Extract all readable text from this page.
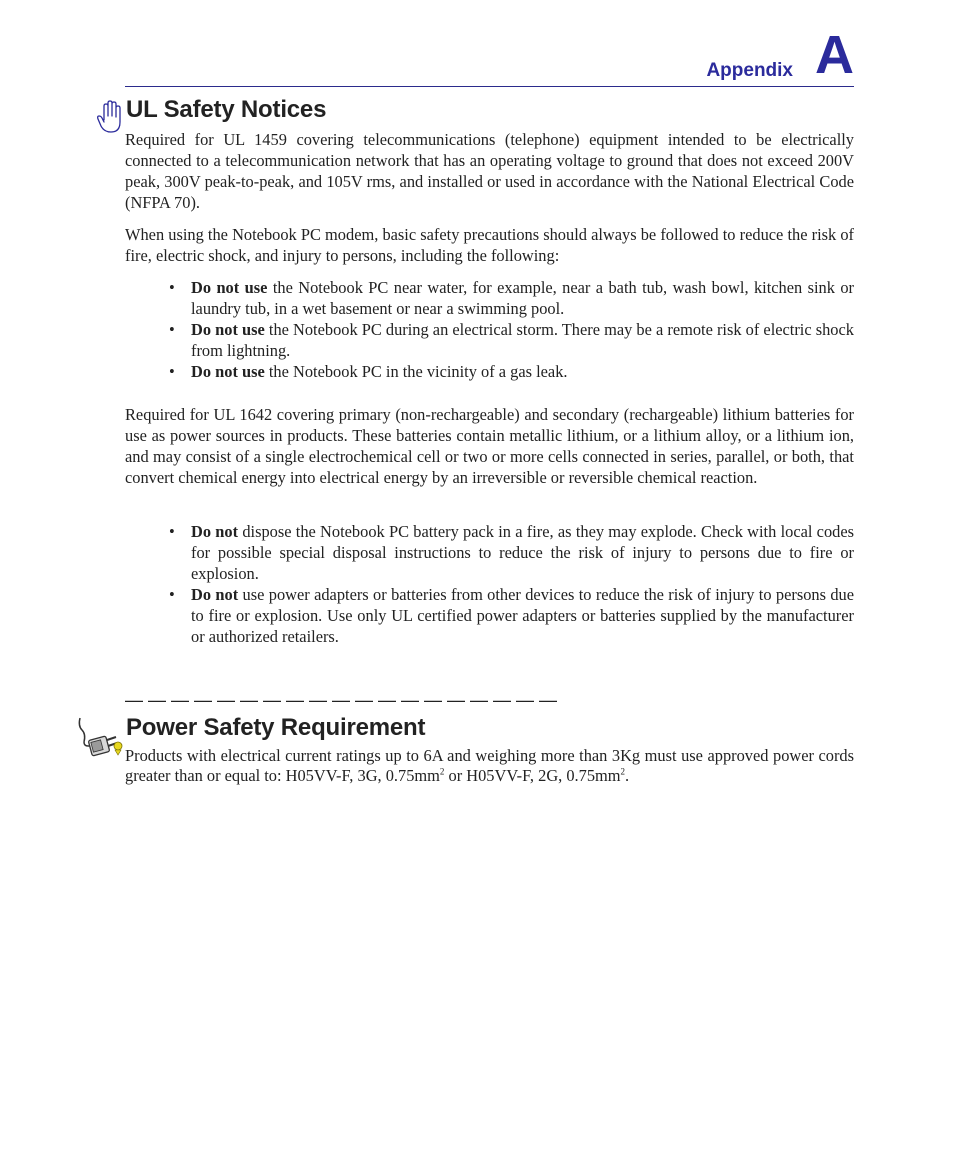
Appendix A
UL Safety Notices

Required for UL 1459 covering telecommunications (telephone) equipment intended to be electrically connected to a telecommunication network that has an operating voltage to ground that does not exceed 200V peak, 300V peak-to-peak, and 105V rms, and installed or used in accordance with the National Electrical Code (NFPA 70).

When using the Notebook PC modem, basic safety precautions should always be followed to reduce the risk of fire, electric shock, and injury to persons, including the following:

• Do not use the Notebook PC near water, for example, near a bath tub, wash bowl, kitchen sink or laundry tub, in a wet basement or near a swimming pool.
• Do not use the Notebook PC during an electrical storm. There may be a remote risk of electric shock from lightning.
• Do not use the Notebook PC in the vicinity of a gas leak.

Required for UL 1642 covering primary (non-rechargeable) and secondary (rechargeable) lithium batteries for use as power sources in products. These batteries contain metallic lithium, or a lithium alloy, or a lithium ion, and may consist of a single electrochemical cell or two or more cells connected in series, parallel, or both, that convert chemical energy into electrical energy by an irreversible or reversible chemical reaction.

• Do not dispose the Notebook PC battery pack in a fire, as they may explode. Check with local codes for possible special disposal instructions to reduce the risk of injury to persons due to fire or explosion.
• Do not use power adapters or batteries from other devices to reduce the risk of injury to persons due to fire or explosion. Use only UL certified power adapters or batteries supplied by the manufacturer or authorized retailers.
— — — — — — — — — — — — — — — — — — —
Power Safety Requirement

Products with electrical current ratings up to 6A and weighing more than 3Kg must use approved power cords greater than or equal to: H05VV-F, 3G, $0.75mm^2$ or H05VV-F, 2G, $0.75mm^2$.
